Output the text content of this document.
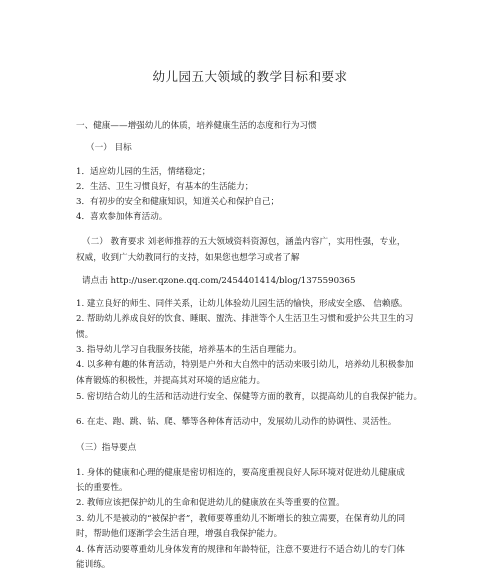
幼儿园五大领域的教学目标和要求
一、健康——增强幼儿的体质，培养健康生活的态度和行为习惯
（一） 目标
1．适应幼儿园的生活，情绪稳定；
2．生活、卫生习惯良好，有基本的生活能力；
3．有初步的安全和健康知识，知道关心和保护自己；
4．喜欢参加体育活动。
（二） 教育要求 刘老师推荐的五大领域资料资源包，涵盖内容广，实用性强，专业，
权威，收到广大幼教同行的支持，如果您也想学习或者了解
请点击 http://user.qzone.qq.com/2454401414/blog/1375590365
1. 建立良好的师生、同伴关系，让幼儿体验幼儿园生活的愉快，形成安全感、 信赖感。
2. 帮助幼儿养成良好的饮食、睡眠、盥洗、排泄等个人生活卫生习惯和爱护公共卫生的习
惯。
3. 指导幼儿学习自我服务技能，培养基本的生活自理能力。
4. 以多种有趣的体育活动，特别是户外和大自然中的活动来吸引幼儿，培养幼儿积极参加
体育锻炼的积极性，并提高其对环境的适应能力。
5. 密切结合幼儿的生活和活动进行安全、保健等方面的教育，以提高幼儿的自我保护能力。
6. 在走、跑、跳、钻、爬、攀等各种体育活动中，发展幼儿动作的协调性、灵活性。
（三）指导要点
1. 身体的健康和心理的健康是密切相连的，要高度重视良好人际环境对促进幼儿健康成
长的重要性。
2. 教师应该把保护幼儿的生命和促进幼儿的健康放在头等重要的位置。
3. 幼儿不是被动的“被保护者”，教师要尊重幼儿不断增长的独立需要，在保育幼儿的同
时，帮助他们逐渐学会生活自理，增强自我保护能力。
4. 体育活动要尊重幼儿身体发育的规律和年龄特征，注意不要进行不适合幼儿的专门体
能训练。
